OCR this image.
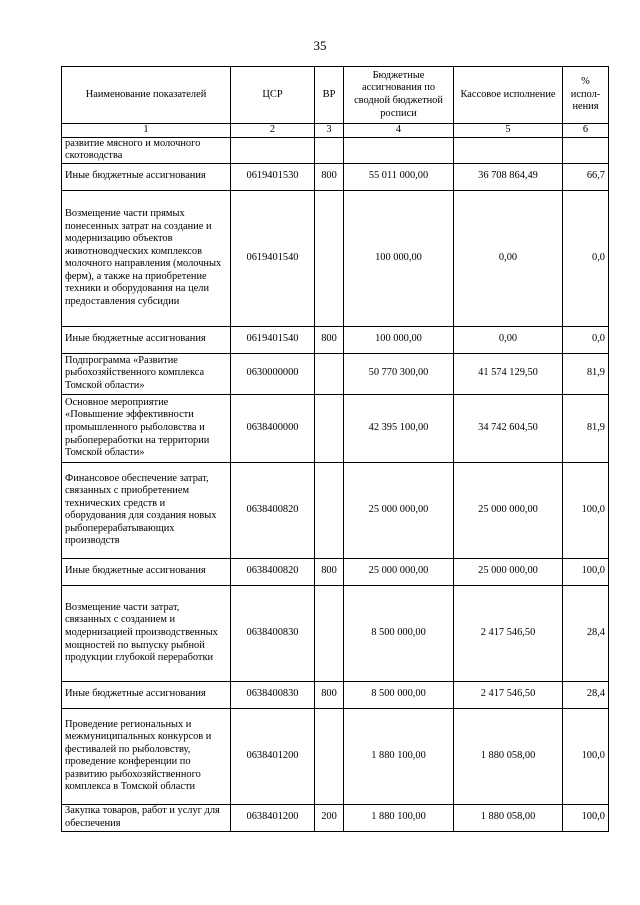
35
Наименование показателей	ЦСР	ВР	Бюджетные ассигнования по сводной бюджетной росписи	Кассовое исполнение	% испол-нения
1	2	3	4	5	6
развитие мясного и молочного скотоводства					
Иные бюджетные ассигнования	0619401530	800	55 011 000,00	36 708 864,49	66,7
Возмещение части прямых понесенных затрат на создание и модернизацию объектов животноводческих комплексов молочного направления (молочных ферм), а также на приобретение техники и оборудования на цели предоставления субсидии	0619401540		100 000,00	0,00	0,0
Иные бюджетные ассигнования	0619401540	800	100 000,00	0,00	0,0
Подпрограмма «Развитие рыбохозяйственного комплекса Томской области»	0630000000		50 770 300,00	41 574 129,50	81,9
Основное мероприятие «Повышение эффективности промышленного рыболовства и рыбопереработки на территории Томской области»	0638400000		42 395 100,00	34 742 604,50	81,9
Финансовое обеспечение затрат, связанных с приобретением технических средств и оборудования для создания новых рыбоперерабатывающих производств	0638400820		25 000 000,00	25 000 000,00	100,0
Иные бюджетные ассигнования	0638400820	800	25 000 000,00	25 000 000,00	100,0
Возмещение части затрат, связанных с созданием и модернизацией производственных мощностей по выпуску рыбной продукции глубокой переработки	0638400830		8 500 000,00	2 417 546,50	28,4
Иные бюджетные ассигнования	0638400830	800	8 500 000,00	2 417 546,50	28,4
Проведение региональных и межмуниципальных конкурсов и фестивалей по рыболовству, проведение конференции по развитию рыбохозяйственного комплекса в Томской области	0638401200		1 880 100,00	1 880 058,00	100,0
Закупка товаров, работ и услуг для обеспечения	0638401200	200	1 880 100,00	1 880 058,00	100,0
